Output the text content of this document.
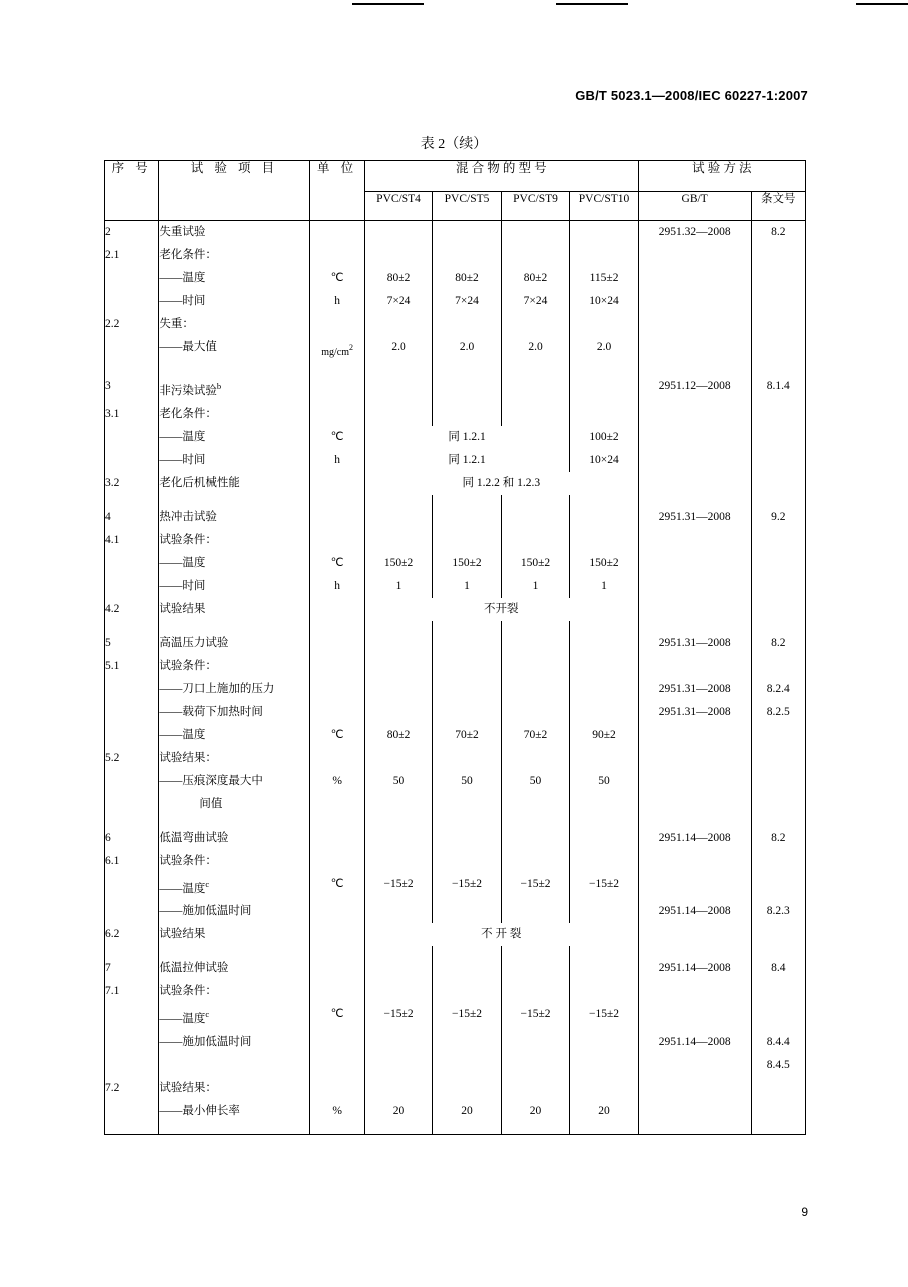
GB/T 5023.1—2008/IEC 60227-1:2007
表 2（续）
序 号	试 验 项 目	单 位	混 合 物 的 型 号				试 验 方 法	
			PVC/ST4	PVC/ST5	PVC/ST9	PVC/ST10	GB/T	条文号
2	失重试验						2951.32—2008	8.2
2.1	老化条件：							
	——温度	℃	80±2	80±2	80±2	115±2		
	——时间	h	7×24	7×24	7×24	10×24		
2.2	失重：							
	——最大值	$mg/cm^2$	2.0	2.0	2.0	2.0		

3	非污染试验$^b$						2951.12—2008	8.1.4
3.1	老化条件：							
	——温度	℃	同 1.2.1			100±2		
	——时间	h	同 1.2.1			10×24		
3.2	老化后机械性能		同 1.2.2 和 1.2.3					

4	热冲击试验						2951.31—2008	9.2
4.1	试验条件：							
	——温度	℃	150±2	150±2	150±2	150±2		
	——时间	h	1	1	1	1		
4.2	试验结果		不开裂					

5	高温压力试验						2951.31—2008	8.2
5.1	试验条件：							
	——刀口上施加的压力						2951.31—2008	8.2.4
	——载荷下加热时间						2951.31—2008	8.2.5
	——温度	℃	80±2	70±2	70±2	90±2		
5.2	试验结果：							
	——压痕深度最大中	%	50	50	50	50		
	间值							

6	低温弯曲试验						2951.14—2008	8.2
6.1	试验条件：							
	——温度$^c$	℃	−15±2	−15±2	−15±2	−15±2		
	——施加低温时间						2951.14—2008	8.2.3
6.2	试验结果		不 开 裂					

7	低温拉伸试验						2951.14—2008	8.4
7.1	试验条件：							
	——温度$^c$	℃	−15±2	−15±2	−15±2	−15±2		
	——施加低温时间						2951.14—2008	8.4.4
								8.4.5
7.2	试验结果：							
	——最小伸长率	%	20	20	20	20		

9
